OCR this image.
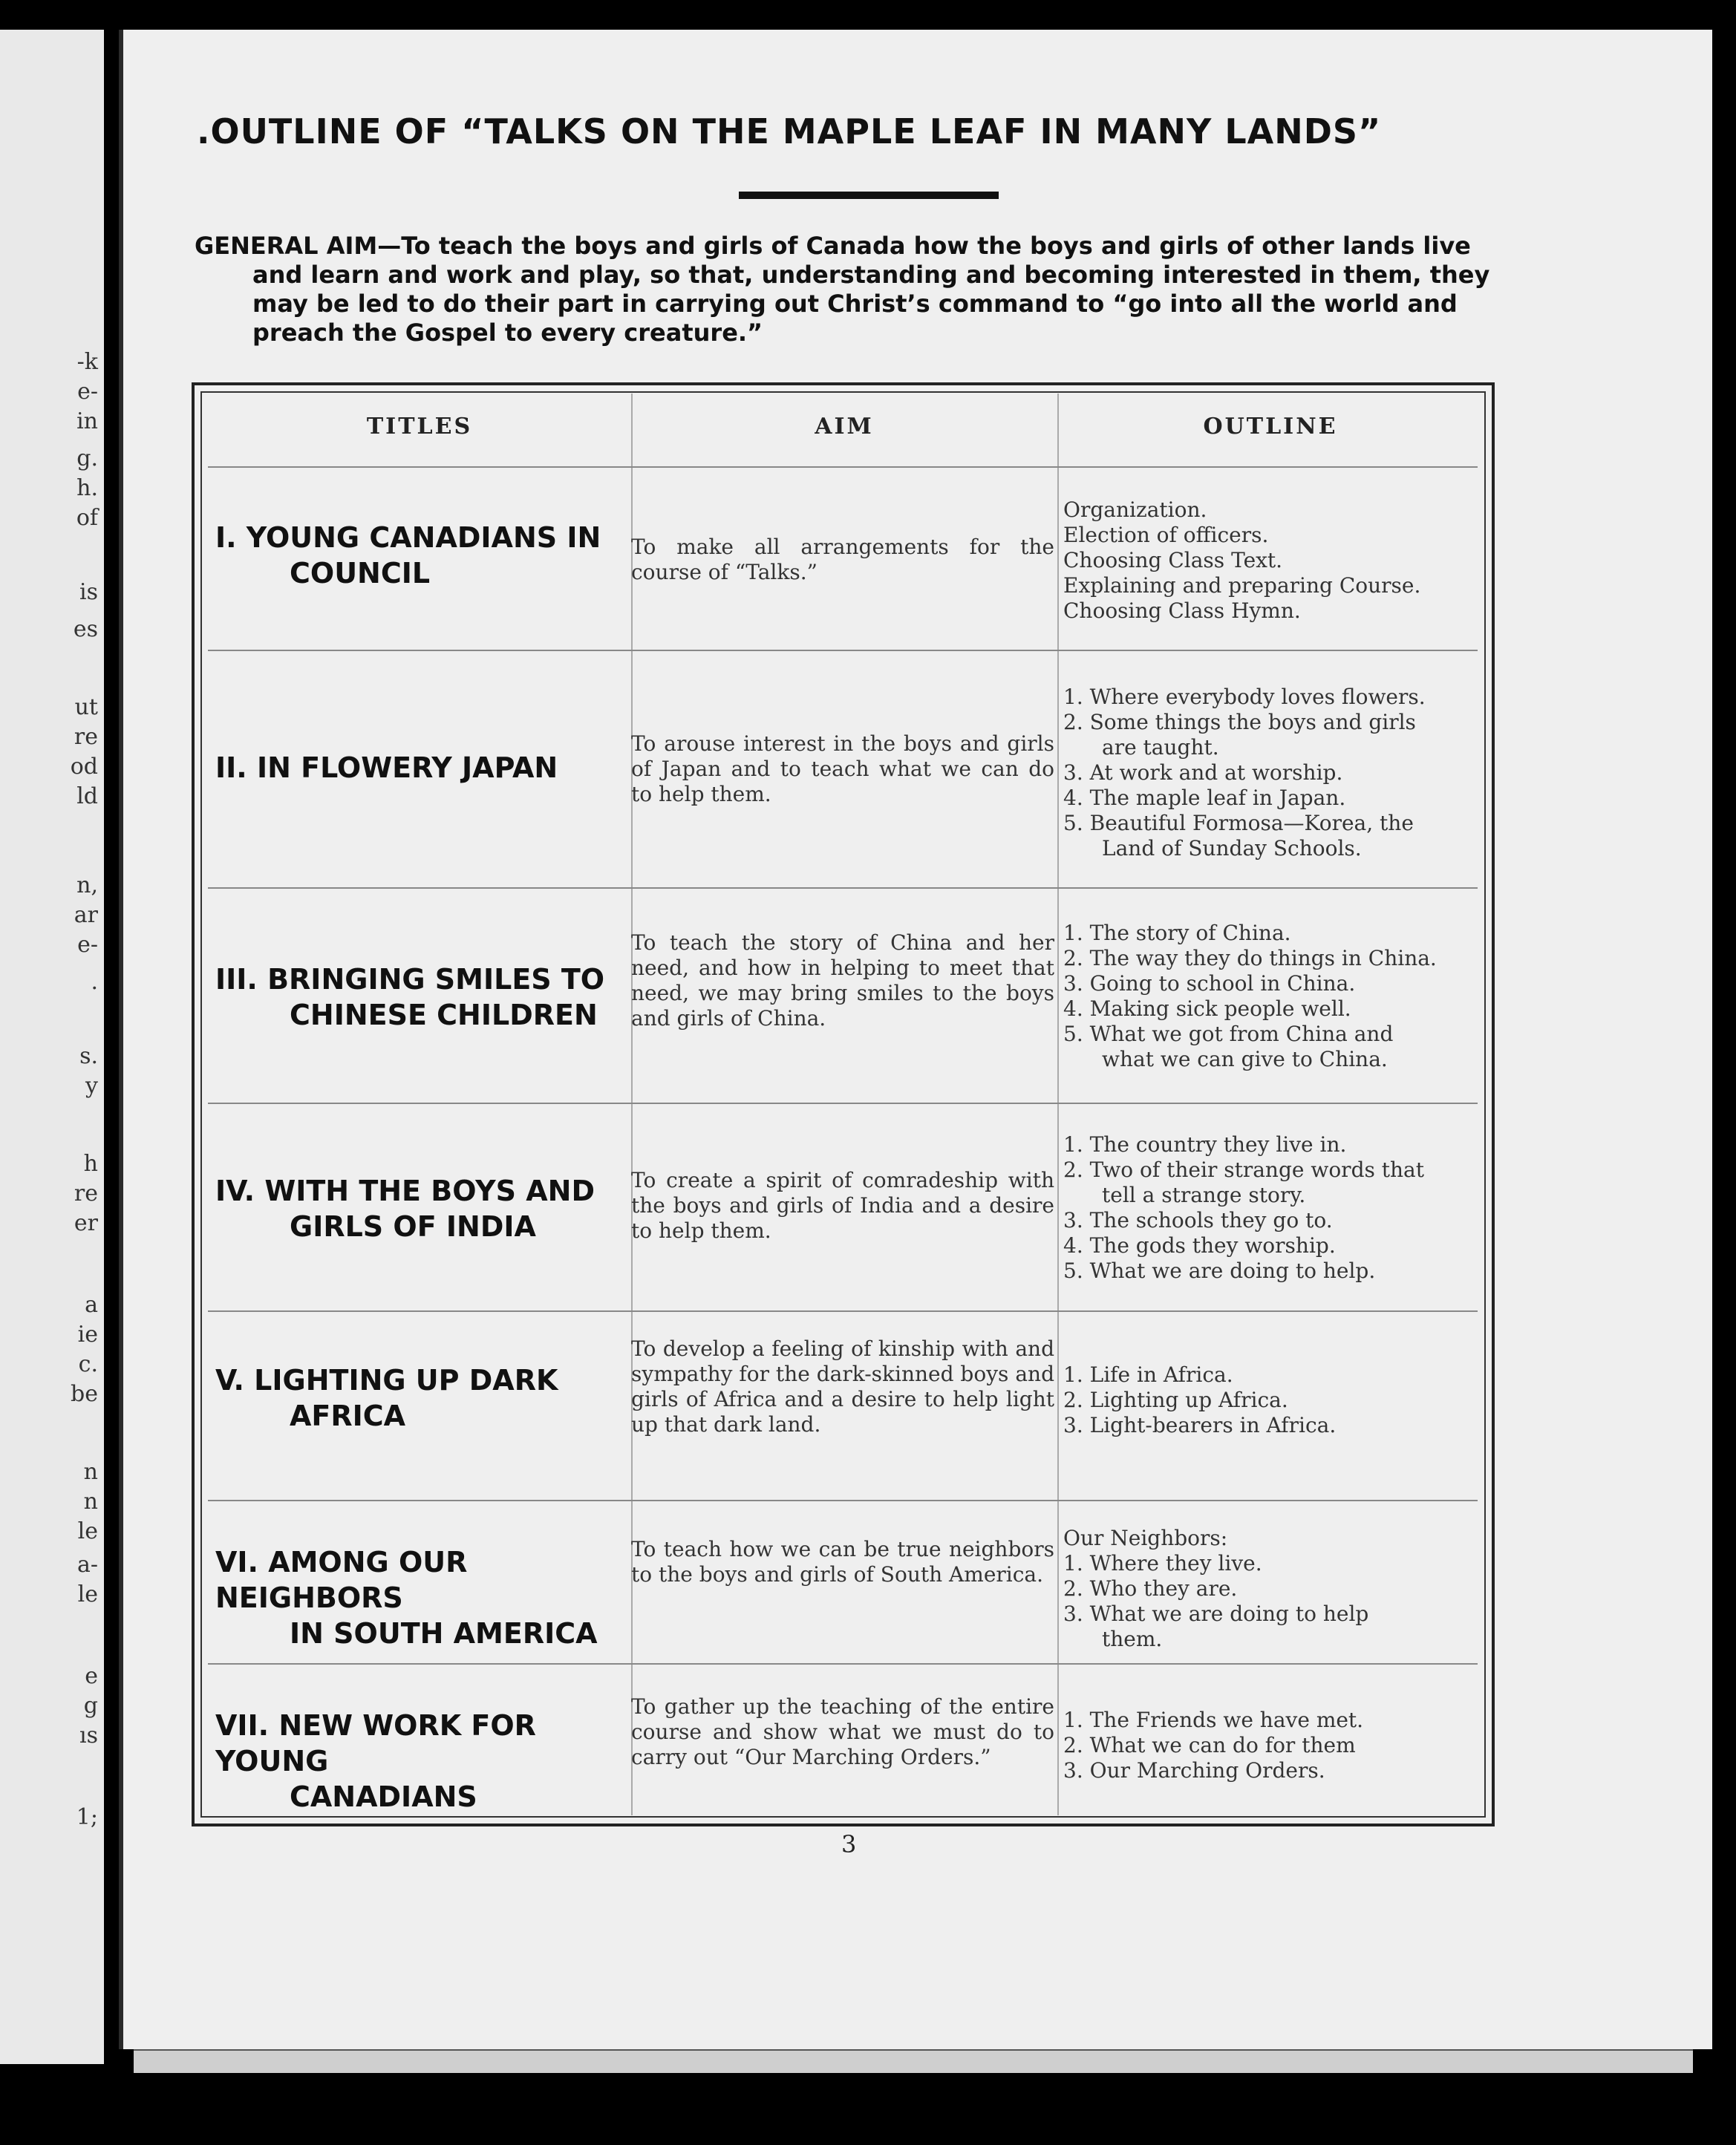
-k
e-
in
g.
h.
of
is
es
ut
re
od
ld
n,
ar
e-
.
s.
y
h
re
er
a
ie
c.
be
n
n
le
a-
le
e
g
ıs
1;
.OUTLINE OF “TALKS ON THE MAPLE LEAF IN MANY LANDS”
GENERAL AIM—To teach the boys and girls of Canada how the boys and girls of other lands live
and learn and work and play, so that, understanding and becoming interested in them, they may be led to do their part in carrying out Christ’s command to “go into all the world and preach the Gospel to every creature.”
TITLES	AIM	OUTLINE
I. YOUNG CANADIANS IN
COUNCIL
To make all arrangements for the course of “Talks.”
Organization.
Election of officers.
Choosing Class Text.
Explaining and preparing Course.
Choosing Class Hymn.
II. IN FLOWERY JAPAN
To arouse interest in the boys and girls of Japan and to teach what we can do to help them.
1. Where everybody loves flowers.
2. Some things the boys and girls
are taught.
3. At work and at worship.
4. The maple leaf in Japan.
5. Beautiful Formosa—Korea, the
Land of Sunday Schools.
III. BRINGING SMILES TO
CHINESE CHILDREN
To teach the story of China and her need, and how in helping to meet that need, we may bring smiles to the boys and girls of China.
1. The story of China.
2. The way they do things in China.
3. Going to school in China.
4. Making sick people well.
5. What we got from China and
what we can give to China.
IV. WITH THE BOYS AND
GIRLS OF INDIA
To create a spirit of comradeship with the boys and girls of India and a desire to help them.
1. The country they live in.
2. Two of their strange words that
tell a strange story.
3. The schools they go to.
4. The gods they worship.
5. What we are doing to help.
V. LIGHTING UP DARK
AFRICA
To develop a feeling of kinship with and sympathy for the dark-skinned boys and girls of Africa and a desire to help light up that dark land.
1. Life in Africa.
2. Lighting up Africa.
3. Light-bearers in Africa.
VI. AMONG OUR NEIGHBORS
IN SOUTH AMERICA
To teach how we can be true neighbors to the boys and girls of South America.
Our Neighbors:
1. Where they live.
2. Who they are.
3. What we are doing to help
them.
VII. NEW WORK FOR YOUNG
CANADIANS
To gather up the teaching of the entire course and show what we must do to carry out “Our Marching Orders.”
1. The Friends we have met.
2. What we can do for them
3. Our Marching Orders.
3
